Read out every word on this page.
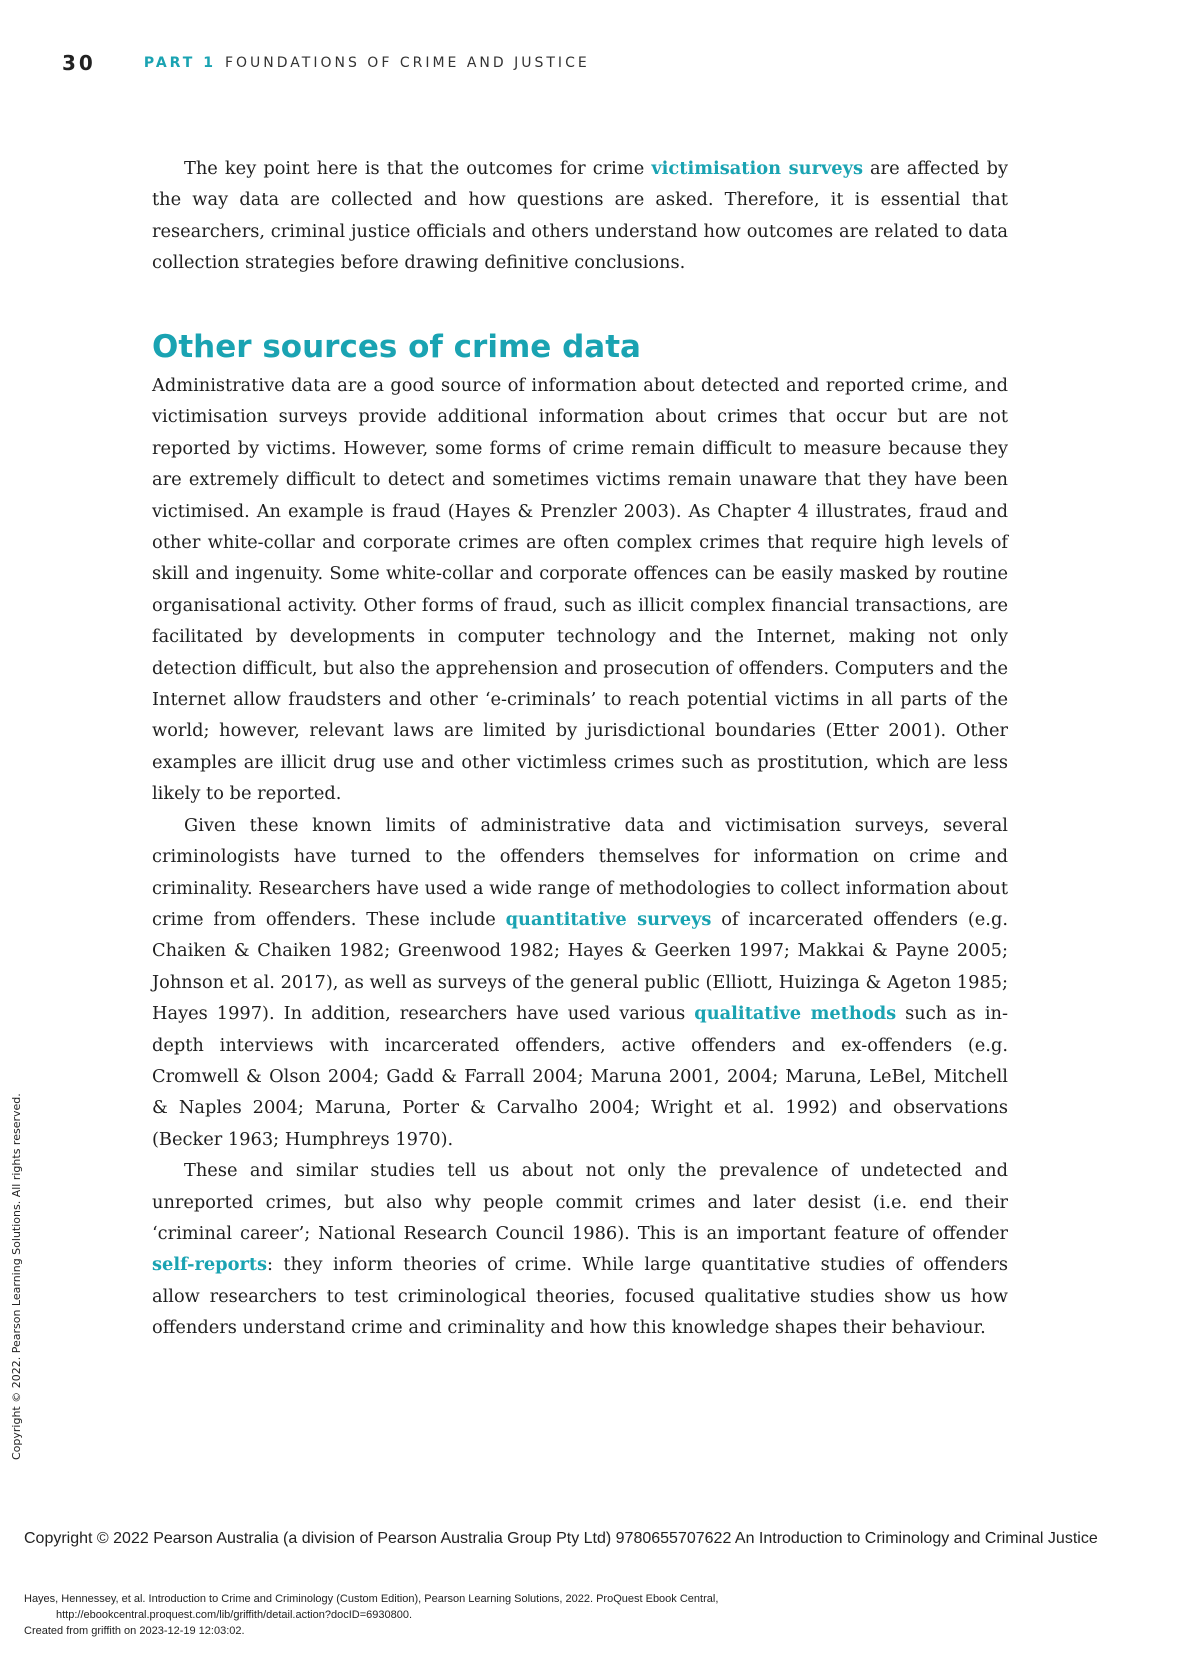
30	PART 1 FOUNDATIONS OF CRIME AND JUSTICE

The key point here is that the outcomes for crime victimisation surveys are affected by the way data are collected and how questions are asked. Therefore, it is essential that researchers, criminal justice officials and others understand how outcomes are related to data collection strategies before drawing definitive conclusions.

Other sources of crime data

Administrative data are a good source of information about detected and reported crime, and victimisation surveys provide additional information about crimes that occur but are not reported by victims. However, some forms of crime remain difficult to measure because they are extremely difficult to detect and sometimes victims remain unaware that they have been victimised. An example is fraud (Hayes & Prenzler 2003). As Chapter 4 illustrates, fraud and other white-collar and corporate crimes are often complex crimes that require high levels of skill and ingenuity. Some white-collar and corporate offences can be easily masked by routine organisational activity. Other forms of fraud, such as illicit complex financial transactions, are facilitated by developments in computer technology and the Internet, making not only detection difficult, but also the apprehension and prosecution of offenders. Computers and the Internet allow fraudsters and other ‘e-criminals’ to reach potential victims in all parts of the world; however, relevant laws are limited by jurisdictional boundaries (Etter 2001). Other examples are illicit drug use and other victimless crimes such as prostitution, which are less likely to be reported.

Given these known limits of administrative data and victimisation surveys, several criminologists have turned to the offenders themselves for information on crime and criminality. Researchers have used a wide range of methodologies to collect information about crime from offenders. These include quantitative surveys of incarcerated offenders (e.g. Chaiken & Chaiken 1982; Greenwood 1982; Hayes & Geerken 1997; Makkai & Payne 2005; Johnson et al. 2017), as well as surveys of the general public (Elliott, Huizinga & Ageton 1985; Hayes 1997). In addition, researchers have used various qualitative methods such as in-depth interviews with incarcerated offenders, active offenders and ex-offenders (e.g. Cromwell & Olson 2004; Gadd & Farrall 2004; Maruna 2001, 2004; Maruna, LeBel, Mitchell & Naples 2004; Maruna, Porter & Carvalho 2004; Wright et al. 1992) and observations (Becker 1963; Humphreys 1970).

These and similar studies tell us about not only the prevalence of undetected and unreported crimes, but also why people commit crimes and later desist (i.e. end their ‘criminal career’; National Research Council 1986). This is an important feature of offender self-reports: they inform theories of crime. While large quantitative studies of offenders allow researchers to test criminological theories, focused qualitative studies show us how offenders understand crime and criminality and how this knowledge shapes their behaviour.

Copyright © 2022. Pearson Learning Solutions. All rights reserved.
Copyright © 2022 Pearson Australia (a division of Pearson Australia Group Pty Ltd) 9780655707622 An Introduction to Criminology and Criminal Justice
Hayes, Hennessey, et al. Introduction to Crime and Criminology (Custom Edition), Pearson Learning Solutions, 2022. ProQuest Ebook Central,
http://ebookcentral.proquest.com/lib/griffith/detail.action?docID=6930800.
Created from griffith on 2023-12-19 12:03:02.
